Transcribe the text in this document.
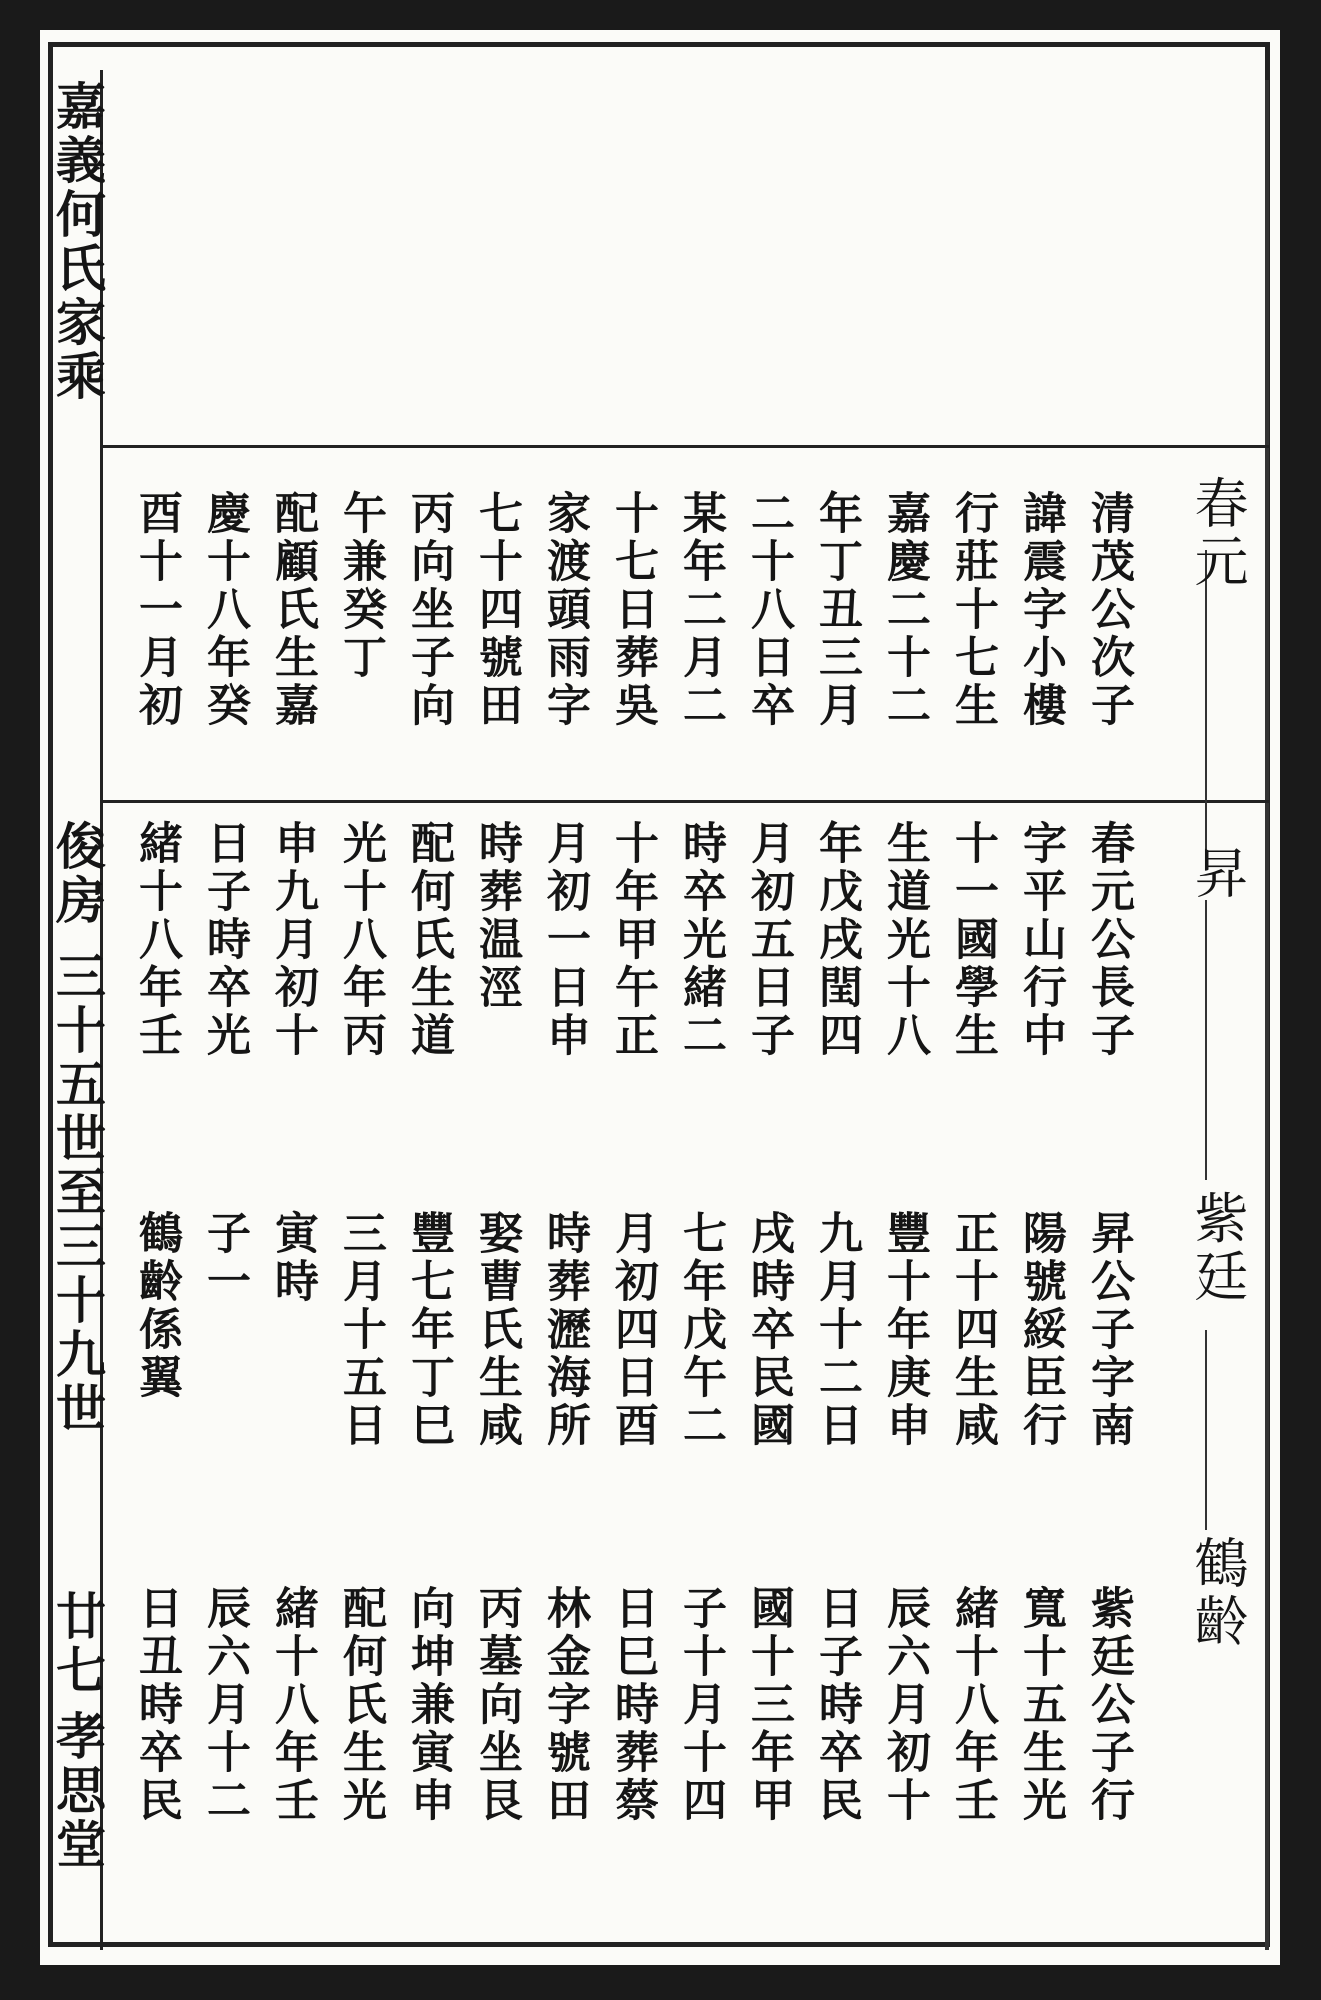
嘉義何氏家乘
俊房
三十五世至三十九世
廿七
孝思堂
春元
昇
紫廷
鶴齡
清茂公次子
諱震字小樓
行莊十七生
嘉慶二十二
年丁丑三月
二十八日卒
某年二月二
十七日葬吳
家渡頭雨字
七十四號田
丙向坐子向
午兼癸丁
配顧氏生嘉
慶十八年癸
酉十一月初
春元公長子
字平山行中
十一國學生
生道光十八
年戊戌閏四
月初五日子
時卒光緒二
十年甲午正
月初一日申
時葬温涇
配何氏生道
光十八年丙
申九月初十
日子時卒光
緒十八年壬
昇公子字南
陽號綏臣行
正十四生咸
豐十年庚申
九月十二日
戌時卒民國
七年戊午二
月初四日酉
時葬瀝海所
娶曹氏生咸
豐七年丁巳
三月十五日
寅時
子一
鶴齡係翼
紫廷公子行
寬十五生光
緒十八年壬
辰六月初十
日子時卒民
國十三年甲
子十月十四
日巳時葬蔡
林金字號田
丙墓向坐艮
向坤兼寅申
配何氏生光
緒十八年壬
辰六月十二
日丑時卒民
